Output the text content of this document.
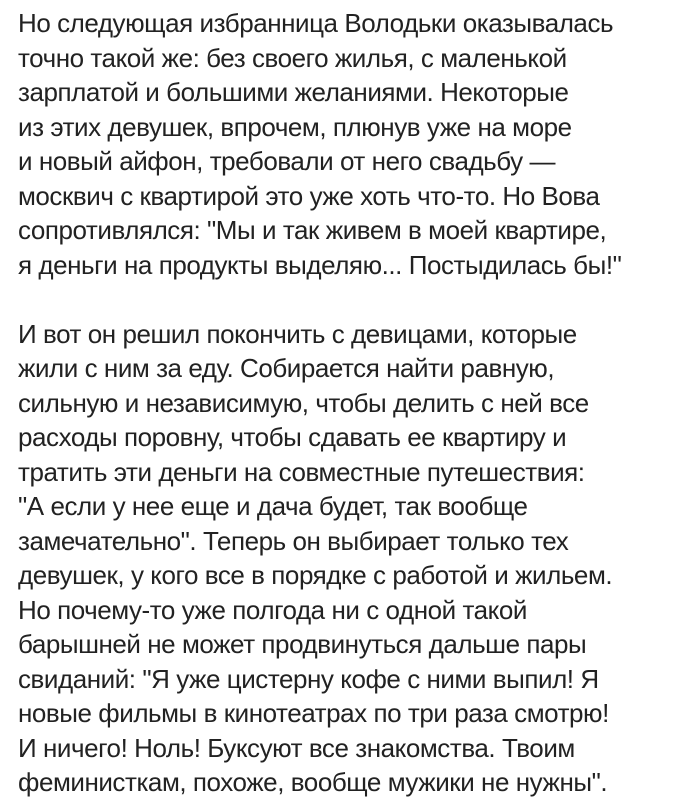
Но следующая избранница Володьки оказывалась
точно такой же: без своего жилья, с маленькой
зарплатой и большими желаниями. Некоторые
из этих девушек, впрочем, плюнув уже на море
и новый айфон, требовали от него свадьбу —
москвич с квартирой это уже хоть что-то. Но Вова
сопротивлялся: "Мы и так живем в моей квартире,
я деньги на продукты выделяю... Постыдилась бы!"

И вот он решил покончить с девицами, которые
жили с ним за еду. Собирается найти равную,
сильную и независимую, чтобы делить с ней все
расходы поровну, чтобы сдавать ее квартиру и
тратить эти деньги на совместные путешествия:
"А если у нее еще и дача будет, так вообще
замечательно". Теперь он выбирает только тех
девушек, у кого все в порядке с работой и жильем.
Но почему-то уже полгода ни с одной такой
барышней не может продвинуться дальше пары
свиданий: "Я уже цистерну кофе с ними выпил! Я
новые фильмы в кинотеатрах по три раза смотрю!
И ничего! Ноль! Буксуют все знакомства. Твоим
феминисткам, похоже, вообще мужики не нужны".
